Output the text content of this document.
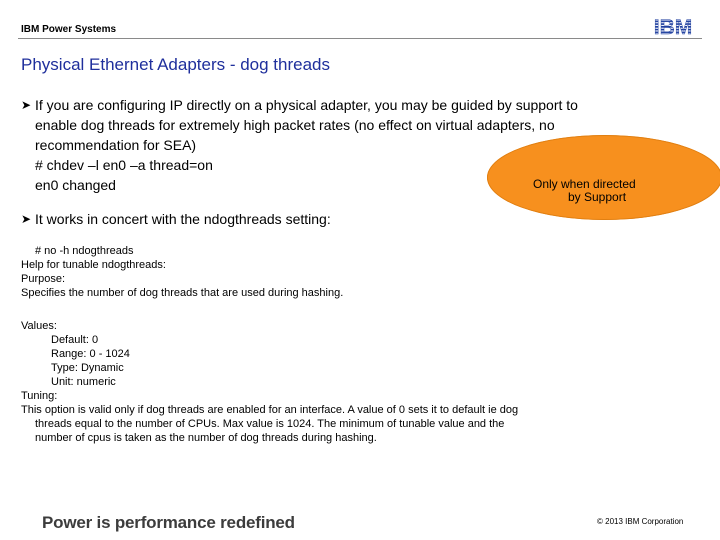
IBM Power Systems	IBM
Physical Ethernet Adapters - dog threads
➤ If you are configuring IP directly on a physical adapter, you may be guided by support to
enable dog threads for extremely high packet rates (no effect on virtual adapters, no
recommendation for SEA)
# chdev –l en0 –a thread=on
en0 changed	Only when directed
by Support
➤ It works in concert with the ndogthreads setting:
# no -h ndogthreads
Help for tunable ndogthreads:
Purpose:
Specifies the number of dog threads that are used during hashing.
Values:
Default: 0
Range: 0 - 1024
Type: Dynamic
Unit: numeric
Tuning:
This option is valid only if dog threads are enabled for an interface. A value of 0 sets it to default ie dog
threads equal to the number of CPUs. Max value is 1024. The minimum of tunable value and the
number of cpus is taken as the number of dog threads during hashing.
Power is performance redefined	© 2013 IBM Corporation
